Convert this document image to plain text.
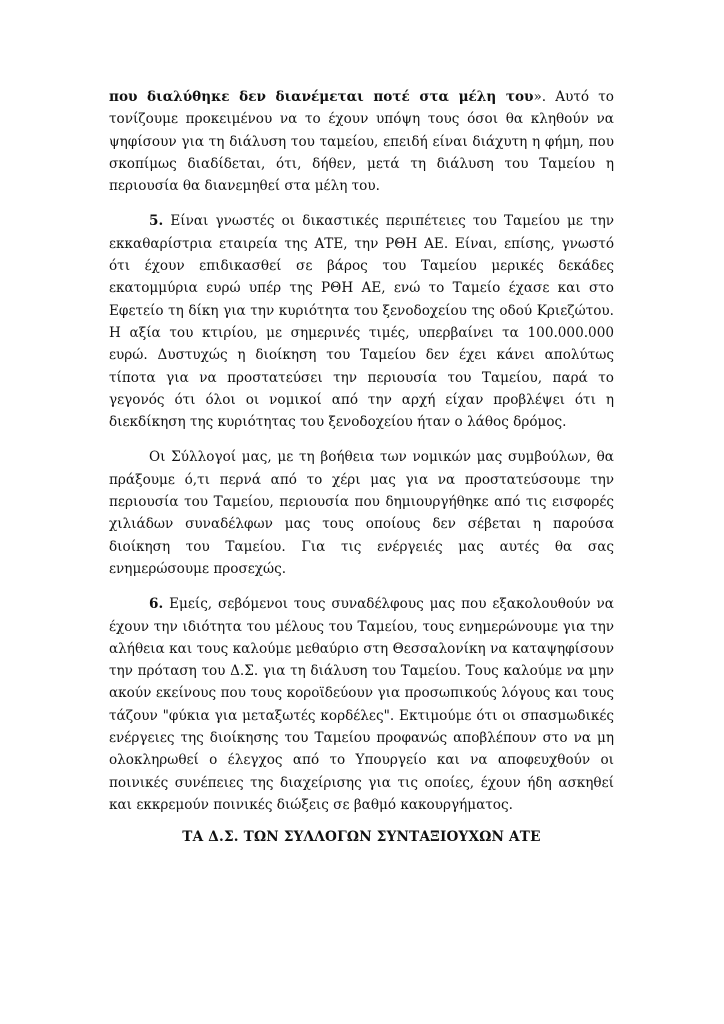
που διαλύθηκε δεν διανέμεται ποτέ στα μέλη του». Αυτό το τονίζουμε προκειμένου να το έχουν υπόψη τους όσοι θα κληθούν να ψηφίσουν για τη διάλυση του ταμείου, επειδή είναι διάχυτη η φήμη, που σκοπίμως διαδίδεται, ότι, δήθεν, μετά τη διάλυση του Ταμείου η περιουσία θα διανεμηθεί στα μέλη του.

5. Είναι γνωστές οι δικαστικές περιπέτειες του Ταμείου με την εκκαθαρίστρια εταιρεία της ΑΤΕ, την ΡΘΗ ΑΕ. Είναι, επίσης, γνωστό ότι έχουν επιδικασθεί σε βάρος του Ταμείου μερικές δεκάδες εκατομμύρια ευρώ υπέρ της ΡΘΗ ΑΕ, ενώ το Ταμείο έχασε και στο Εφετείο τη δίκη για την κυριότητα του ξενοδοχείου της οδού Κριεζώτου. Η αξία του κτιρίου, με σημερινές τιμές, υπερβαίνει τα 100.000.000 ευρώ. Δυστυχώς η διοίκηση του Ταμείου δεν έχει κάνει απολύτως τίποτα για να προστατεύσει την περιουσία του Ταμείου, παρά το γεγονός ότι όλοι οι νομικοί από την αρχή είχαν προβλέψει ότι η διεκδίκηση της κυριότητας του ξενοδοχείου ήταν ο λάθος δρόμος.

Οι Σύλλογοί μας, με τη βοήθεια των νομικών μας συμβούλων, θα πράξουμε ό,τι περνά από το χέρι μας για να προστατεύσουμε την περιουσία του Ταμείου, περιουσία που δημιουργήθηκε από τις εισφορές χιλιάδων συναδέλφων μας τους οποίους δεν σέβεται η παρούσα διοίκηση του Ταμείου. Για τις ενέργειές μας αυτές θα σας ενημερώσουμε προσεχώς.

6. Εμείς, σεβόμενοι τους συναδέλφους μας που εξακολουθούν να έχουν την ιδιότητα του μέλους του Ταμείου, τους ενημερώνουμε για την αλήθεια και τους καλούμε μεθαύριο στη Θεσσαλονίκη να καταψηφίσουν την πρόταση του Δ.Σ. για τη διάλυση του Ταμείου. Τους καλούμε να μην ακούν εκείνους που τους κοροϊδεύουν για προσωπικούς λόγους και τους τάζουν "φύκια για μεταξωτές κορδέλες". Εκτιμούμε ότι οι σπασμωδικές ενέργειες της διοίκησης του Ταμείου προφανώς αποβλέπουν στο να μη ολοκληρωθεί ο έλεγχος από το Υπουργείο και να αποφευχθούν οι ποινικές συνέπειες της διαχείρισης για τις οποίες, έχουν ήδη ασκηθεί και εκκρεμούν ποινικές διώξεις σε βαθμό κακουργήματος.

ΤΑ Δ.Σ. ΤΩΝ ΣΥΛΛΟΓΩΝ ΣΥΝΤΑΞΙΟΥΧΩΝ ΑΤΕ
